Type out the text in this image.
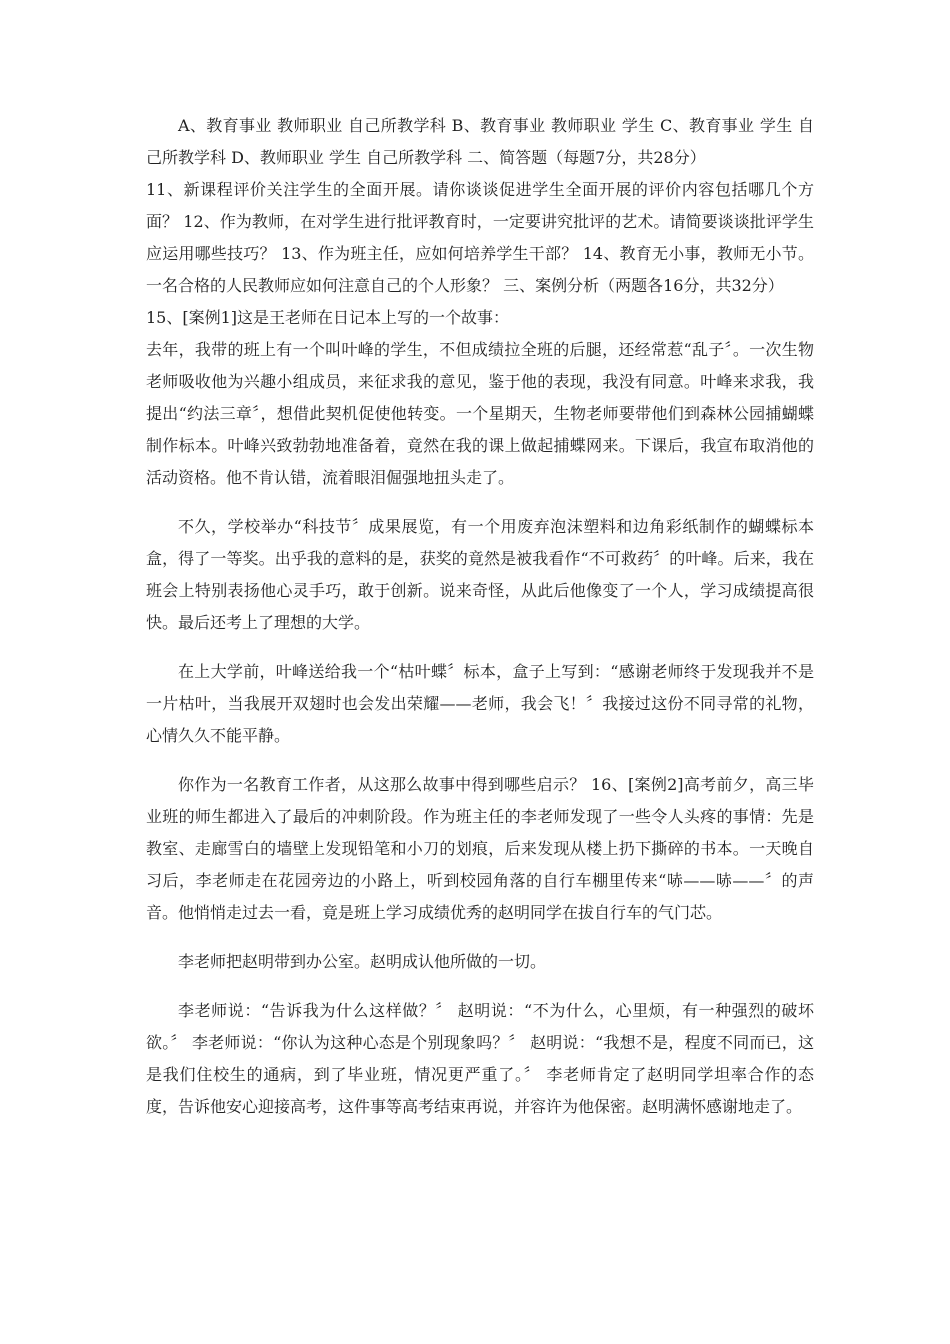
A、教育事业 教师职业 自己所教学科 B、教育事业 教师职业 学生 C、教育事业 学生 自己所教学科 D、教师职业 学生 自己所教学科 二、简答题（每题7分，共28分）

11、新课程评价关注学生的全面开展。请你谈谈促进学生全面开展的评价内容包括哪几个方面？ 12、作为教师，在对学生进行批评教育时，一定要讲究批评的艺术。请简要谈谈批评学生应运用哪些技巧？ 13、作为班主任，应如何培养学生干部？ 14、教育无小事，教师无小节。一名合格的人民教师应如何注意自己的个人形象？ 三、案例分析（两题各16分，共32分）

15、[案例1]这是王老师在日记本上写的一个故事：

去年，我带的班上有一个叫叶峰的学生，不但成绩拉全班的后腿，还经常惹“乱子〞。一次生物老师吸收他为兴趣小组成员，来征求我的意见，鉴于他的表现，我没有同意。叶峰来求我，我提出“约法三章〞，想借此契机促使他转变。一个星期天，生物老师要带他们到森林公园捕蝴蝶制作标本。叶峰兴致勃勃地准备着，竟然在我的课上做起捕蝶网来。下课后，我宣布取消他的活动资格。他不肯认错，流着眼泪倔强地扭头走了。

不久，学校举办“科技节〞成果展览，有一个用废弃泡沫塑料和边角彩纸制作的蝴蝶标本盒，得了一等奖。出乎我的意料的是，获奖的竟然是被我看作“不可救药〞的叶峰。后来，我在班会上特别表扬他心灵手巧，敢于创新。说来奇怪，从此后他像变了一个人，学习成绩提高很快。最后还考上了理想的大学。

在上大学前，叶峰送给我一个“枯叶蝶〞标本，盒子上写到：“感谢老师终于发现我并不是一片枯叶，当我展开双翅时也会发出荣耀——老师，我会飞！〞我接过这份不同寻常的礼物，心情久久不能平静。

你作为一名教育工作者，从这那么故事中得到哪些启示？ 16、[案例2]高考前夕，高三毕业班的师生都进入了最后的冲刺阶段。作为班主任的李老师发现了一些令人头疼的事情：先是教室、走廊雪白的墙壁上发现铅笔和小刀的划痕，后来发现从楼上扔下撕碎的书本。一天晚自习后，李老师走在花园旁边的小路上，听到校园角落的自行车棚里传来“哧——哧——〞的声音。他悄悄走过去一看，竟是班上学习成绩优秀的赵明同学在拔自行车的气门芯。

李老师把赵明带到办公室。赵明成认他所做的一切。

李老师说：“告诉我为什么这样做？〞 赵明说：“不为什么，心里烦，有一种强烈的破坏欲。〞 李老师说：“你认为这种心态是个别现象吗？〞 赵明说：“我想不是，程度不同而已，这是我们住校生的通病，到了毕业班，情况更严重了。〞 李老师肯定了赵明同学坦率合作的态度，告诉他安心迎接高考，这件事等高考结束再说，并容许为他保密。赵明满怀感谢地走了。
